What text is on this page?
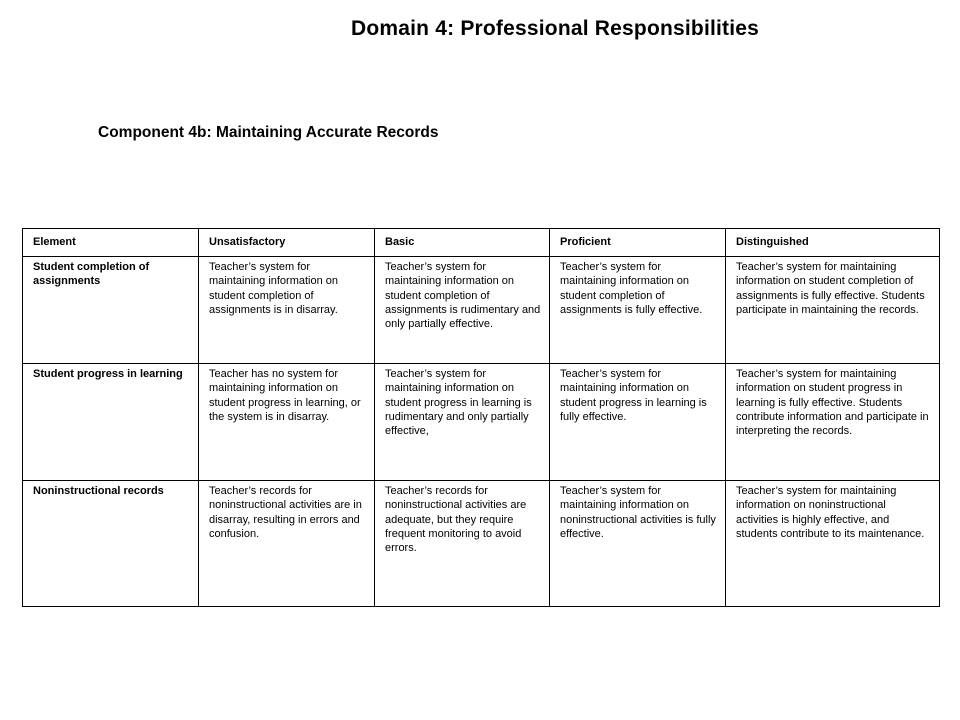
Domain 4: Professional Responsibilities
Component 4b: Maintaining Accurate Records
Element	Unsatisfactory	Basic	Proficient	Distinguished
Student completion of assignments	Teacher’s system for maintaining information on student completion of assignments is in disarray.	Teacher’s system for maintaining information on student completion of assignments is rudimentary and only partially effective.	Teacher’s system for maintaining information on student completion of assignments is fully effective.	Teacher’s system for maintaining information on student completion of assignments is fully effective. Students participate in maintaining the records.
Student progress in learning	Teacher has no system for maintaining information on student progress in learning, or the system is in disarray.	Teacher’s system for maintaining information on student progress in learning is rudimentary and only partially effective,	Teacher’s system for maintaining information on student progress in learning is fully effective.	Teacher’s system for maintaining information on student progress in learning is fully effective. Students contribute information and participate in interpreting the records.
Noninstructional records	Teacher’s records for noninstructional activities are in disarray, resulting in errors and confusion.	Teacher’s records for noninstructional activities are adequate, but they require frequent monitoring to avoid errors.	Teacher’s system for maintaining information on noninstructional activities is fully effective.	Teacher’s system for maintaining information on noninstructional activities is highly effective, and students contribute to its maintenance.
